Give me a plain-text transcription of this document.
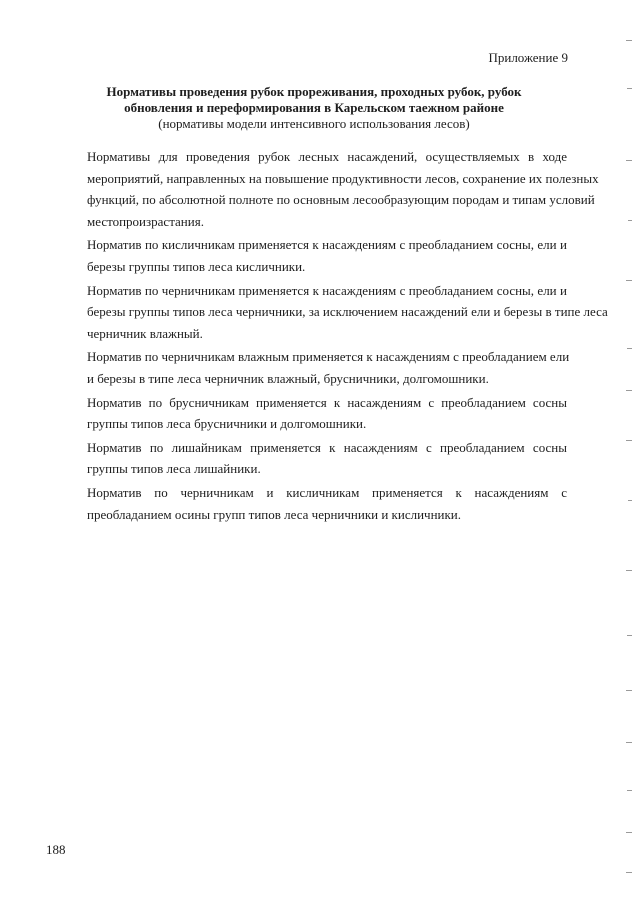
Приложение 9
Нормативы проведения рубок прореживания, проходных рубок, рубок
обновления и переформирования в Карельском таежном районе
(нормативы модели интенсивного использования лесов)
Нормативы для проведения рубок лесных насаждений, осуществляемых в ходе
мероприятий, направленных на повышение продуктивности лесов, сохранение их полезных
функций, по абсолютной полноте по основным лесообразующим породам и типам условий
местопроизрастания.
Норматив по кисличникам применяется к насаждениям с преобладанием сосны, ели и
березы группы типов леса кисличники.
Норматив по черничникам применяется к насаждениям с преобладанием сосны, ели и
березы группы типов леса черничники, за исключением насаждений ели и березы в типе леса
черничник влажный.
Норматив по черничникам влажным применяется к насаждениям с преобладанием ели
и березы в типе леса черничник влажный, брусничники, долгомошники.
Норматив по брусничникам применяется к насаждениям с преобладанием сосны
группы типов леса брусничники и долгомошники.
Норматив по лишайникам применяется к насаждениям с преобладанием сосны
группы типов леса лишайники.
Норматив по черничникам и кисличникам применяется к насаждениям с
преобладанием осины групп типов леса черничники и кисличники.
188
